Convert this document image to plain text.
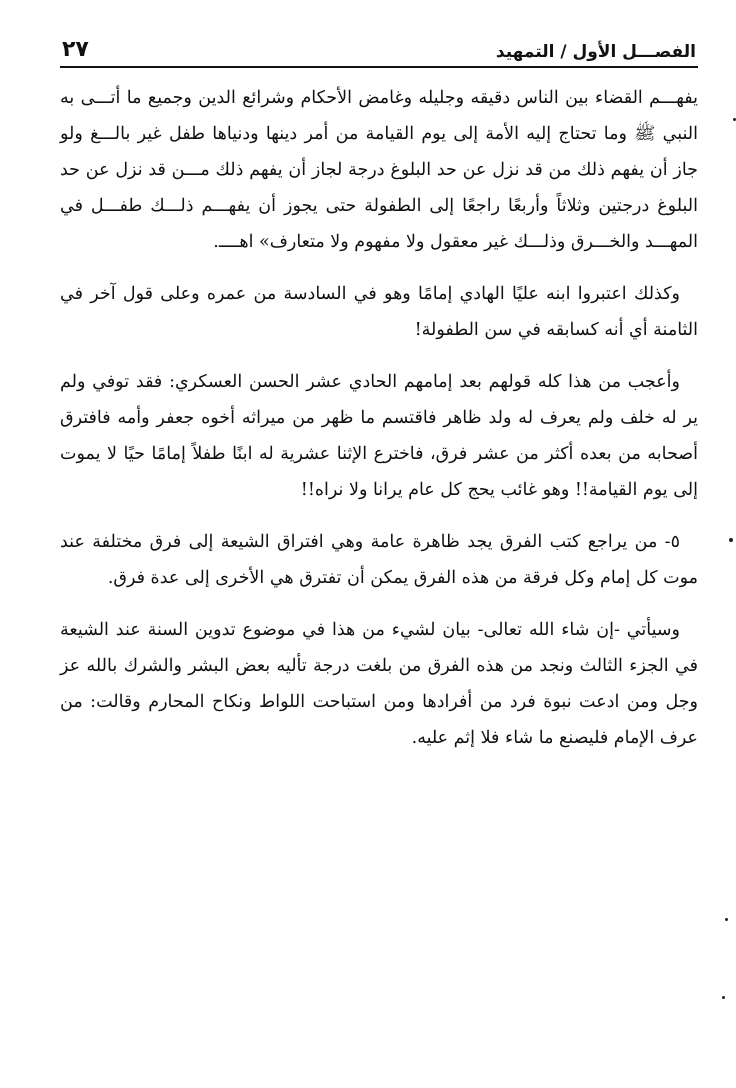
الفصـــل الأول / التمهيد
٢٧

يفهـــم القضاء بين الناس دقيقه وجليله وغامض الأحكام وشرائع الدين وجميع ما أتـــى به النبي ﷺ وما تحتاج إليه الأمة إلى يوم القيامة من أمر دينها ودنياها طفل غير بالـــغ ولو جاز أن يفهم ذلك من قد نزل عن حد البلوغ درجة لجاز أن يفهم ذلك مـــن قد نزل عن حد البلوغ درجتين وثلاثاً وأربعًا راجعًا إلى الطفولة حتى يجوز أن يفهـــم ذلـــك طفـــل في المهـــد والخـــرق وذلـــك غير معقول ولا مفهوم ولا متعارف» اهــــ.

وكذلك اعتبروا ابنه عليًا الهادي إمامًا وهو في السادسة من عمره وعلى قول آخر في الثامنة أي أنه كسابقه في سن الطفولة!

وأعجب من هذا كله قولهم بعد إمامهم الحادي عشر الحسن العسكري: فقد توفي ولم ير له خلف ولم يعرف له ولد ظاهر فاقتسم ما ظهر من ميراثه أخوه جعفر وأمه فافترق أصحابه من بعده أكثر من عشر فرق، فاخترع الإثنا عشرية له ابنًا طفلاً إمامًا حيًا لا يموت إلى يوم القيامة!! وهو غائب يحج كل عام يرانا ولا نراه!!

٥- من يراجع كتب الفرق يجد ظاهرة عامة وهي افتراق الشيعة إلى فرق مختلفة عند موت كل إمام وكل فرقة من هذه الفرق يمكن أن تفترق هي الأخرى إلى عدة فرق.

وسيأتي -إن شاء الله تعالى- بيان لشيء من هذا في موضوع تدوين السنة عند الشيعة في الجزء الثالث ونجد من هذه الفرق من بلغت درجة تأليه بعض البشر والشرك بالله عز وجل ومن ادعت نبوة فرد من أفرادها ومن استباحت اللواط ونكاح المحارم وقالت: من عرف الإمام فليصنع ما شاء فلا إثم عليه.
